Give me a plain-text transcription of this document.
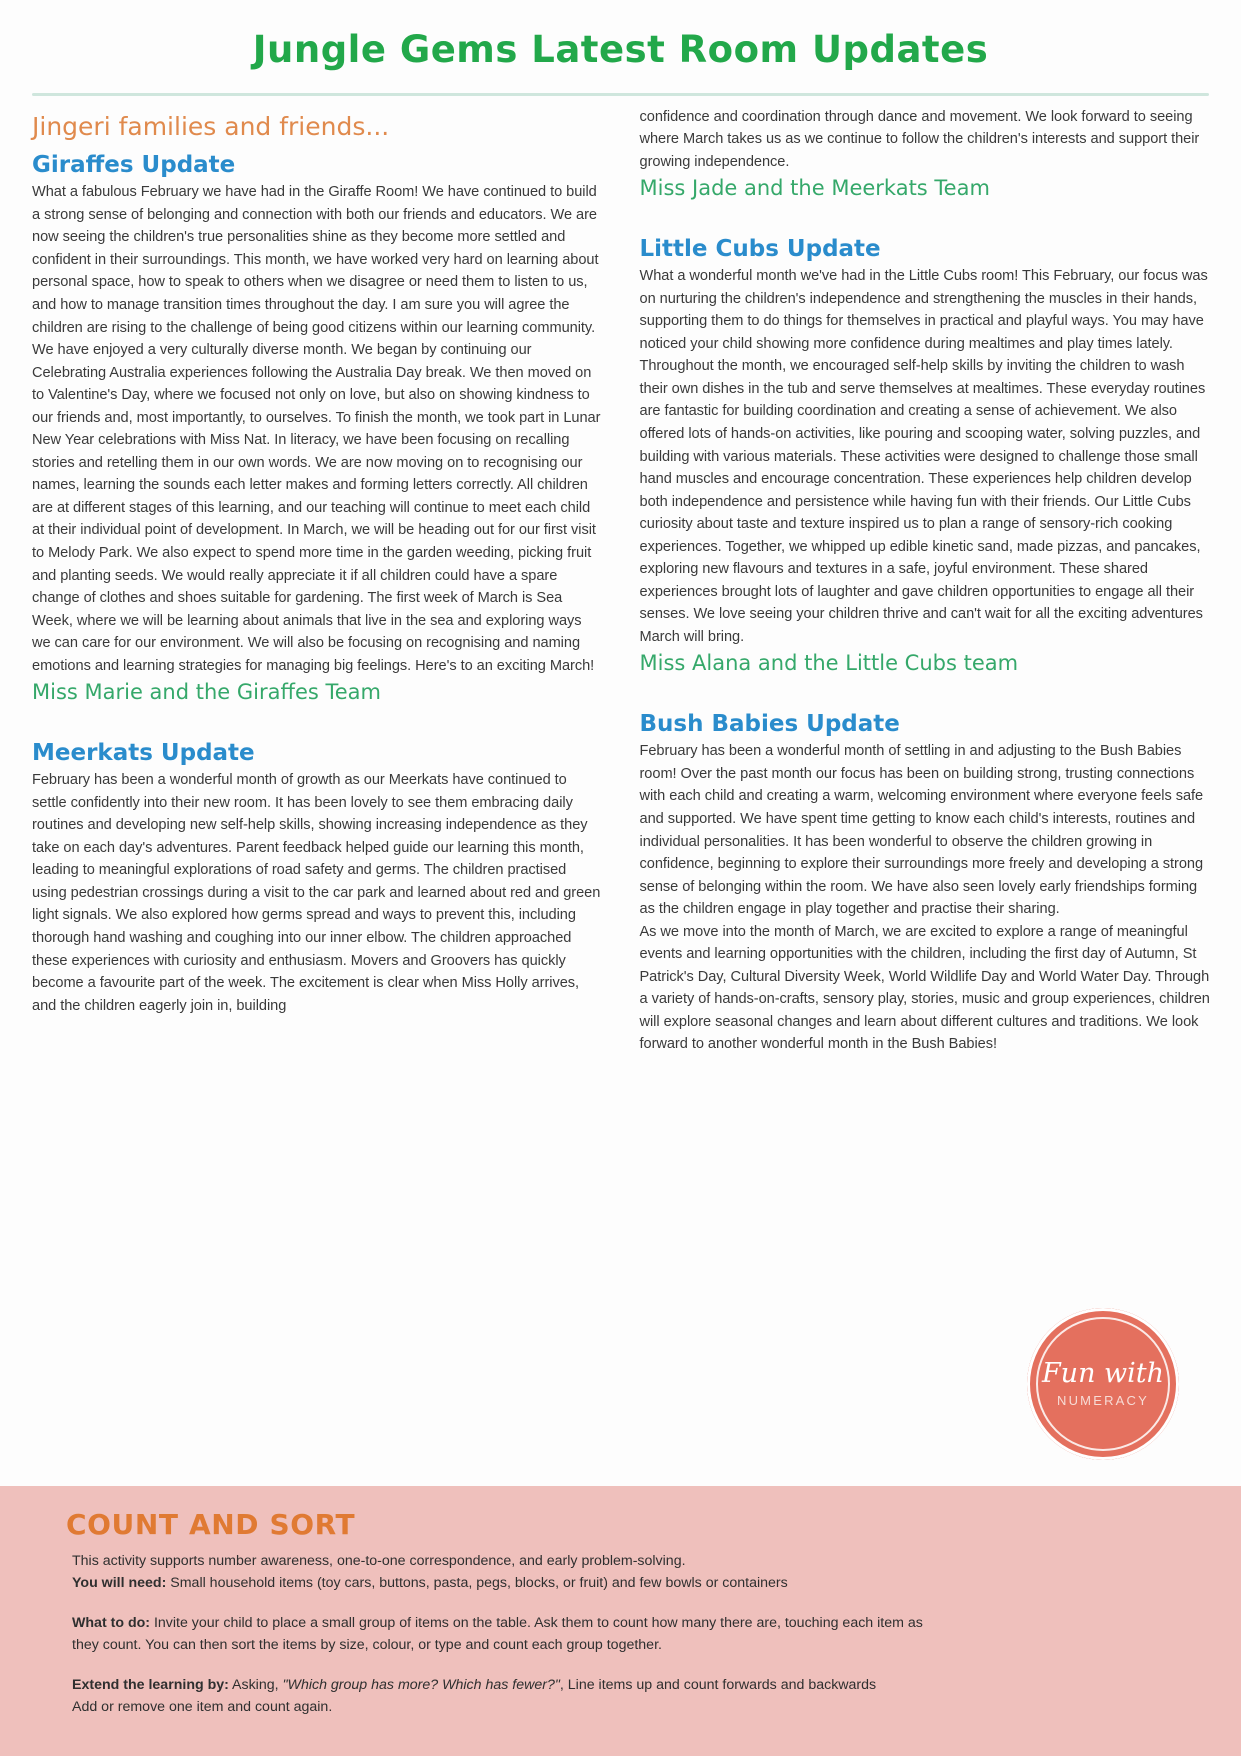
Jungle Gems Latest Room Updates
Jingeri families and friends...
Giraffes Update

What a fabulous February we have had in the Giraffe Room! We have continued to build a strong sense of belonging and connection with both our friends and educators. We are now seeing the children's true personalities shine as they become more settled and confident in their surroundings. This month, we have worked very hard on learning about personal space, how to speak to others when we disagree or need them to listen to us, and how to manage transition times throughout the day. I am sure you will agree the children are rising to the challenge of being good citizens within our learning community. We have enjoyed a very culturally diverse month. We began by continuing our Celebrating Australia experiences following the Australia Day break. We then moved on to Valentine's Day, where we focused not only on love, but also on showing kindness to our friends and, most importantly, to ourselves. To finish the month, we took part in Lunar New Year celebrations with Miss Nat. In literacy, we have been focusing on recalling stories and retelling them in our own words. We are now moving on to recognising our names, learning the sounds each letter makes and forming letters correctly. All children are at different stages of this learning, and our teaching will continue to meet each child at their individual point of development. In March, we will be heading out for our first visit to Melody Park. We also expect to spend more time in the garden weeding, picking fruit and planting seeds. We would really appreciate it if all children could have a spare change of clothes and shoes suitable for gardening. The first week of March is Sea Week, where we will be learning about animals that live in the sea and exploring ways we can care for our environment. We will also be focusing on recognising and naming emotions and learning strategies for managing big feelings. Here's to an exciting March!

Miss Marie and the Giraffes Team
Meerkats Update

February has been a wonderful month of growth as our Meerkats have continued to settle confidently into their new room. It has been lovely to see them embracing daily routines and developing new self-help skills, showing increasing independence as they take on each day's adventures. Parent feedback helped guide our learning this month, leading to meaningful explorations of road safety and germs. The children practised using pedestrian crossings during a visit to the car park and learned about red and green light signals. We also explored how germs spread and ways to prevent this, including thorough hand washing and coughing into our inner elbow. The children approached these experiences with curiosity and enthusiasm. Movers and Groovers has quickly become a favourite part of the week. The excitement is clear when Miss Holly arrives, and the children eagerly join in, building

confidence and coordination through dance and movement. We look forward to seeing where March takes us as we continue to follow the children's interests and support their growing independence.

Miss Jade and the Meerkats Team
Little Cubs Update

What a wonderful month we've had in the Little Cubs room! This February, our focus was on nurturing the children's independence and strengthening the muscles in their hands, supporting them to do things for themselves in practical and playful ways. You may have noticed your child showing more confidence during mealtimes and play times lately. Throughout the month, we encouraged self-help skills by inviting the children to wash their own dishes in the tub and serve themselves at mealtimes. These everyday routines are fantastic for building coordination and creating a sense of achievement. We also offered lots of hands-on activities, like pouring and scooping water, solving puzzles, and building with various materials. These activities were designed to challenge those small hand muscles and encourage concentration. These experiences help children develop both independence and persistence while having fun with their friends. Our Little Cubs curiosity about taste and texture inspired us to plan a range of sensory-rich cooking experiences. Together, we whipped up edible kinetic sand, made pizzas, and pancakes, exploring new flavours and textures in a safe, joyful environment. These shared experiences brought lots of laughter and gave children opportunities to engage all their senses. We love seeing your children thrive and can't wait for all the exciting adventures March will bring.

Miss Alana and the Little Cubs team
Bush Babies Update

February has been a wonderful month of settling in and adjusting to the Bush Babies room! Over the past month our focus has been on building strong, trusting connections with each child and creating a warm, welcoming environment where everyone feels safe and supported. We have spent time getting to know each child's interests, routines and individual personalities. It has been wonderful to observe the children growing in confidence, beginning to explore their surroundings more freely and developing a strong sense of belonging within the room. We have also seen lovely early friendships forming as the children engage in play together and practise their sharing.

As we move into the month of March, we are excited to explore a range of meaningful events and learning opportunities with the children, including the first day of Autumn, St Patrick's Day, Cultural Diversity Week, World Wildlife Day and World Water Day. Through a variety of hands-on-crafts, sensory play, stories, music and group experiences, children will explore seasonal changes and learn about different cultures and traditions. We look forward to another wonderful month in the Bush Babies!

COUNT AND SORT

This activity supports number awareness, one-to-one correspondence, and early problem-solving.

You will need: Small household items (toy cars, buttons, pasta, pegs, blocks, or fruit) and few bowls or containers

What to do: Invite your child to place a small group of items on the table. Ask them to count how many there are, touching each item as they count. You can then sort the items by size, colour, or type and count each group together.

Extend the learning by: Asking, "Which group has more? Which has fewer?", Line items up and count forwards and backwards

Add or remove one item and count again.

Fun with
NUMERACY
